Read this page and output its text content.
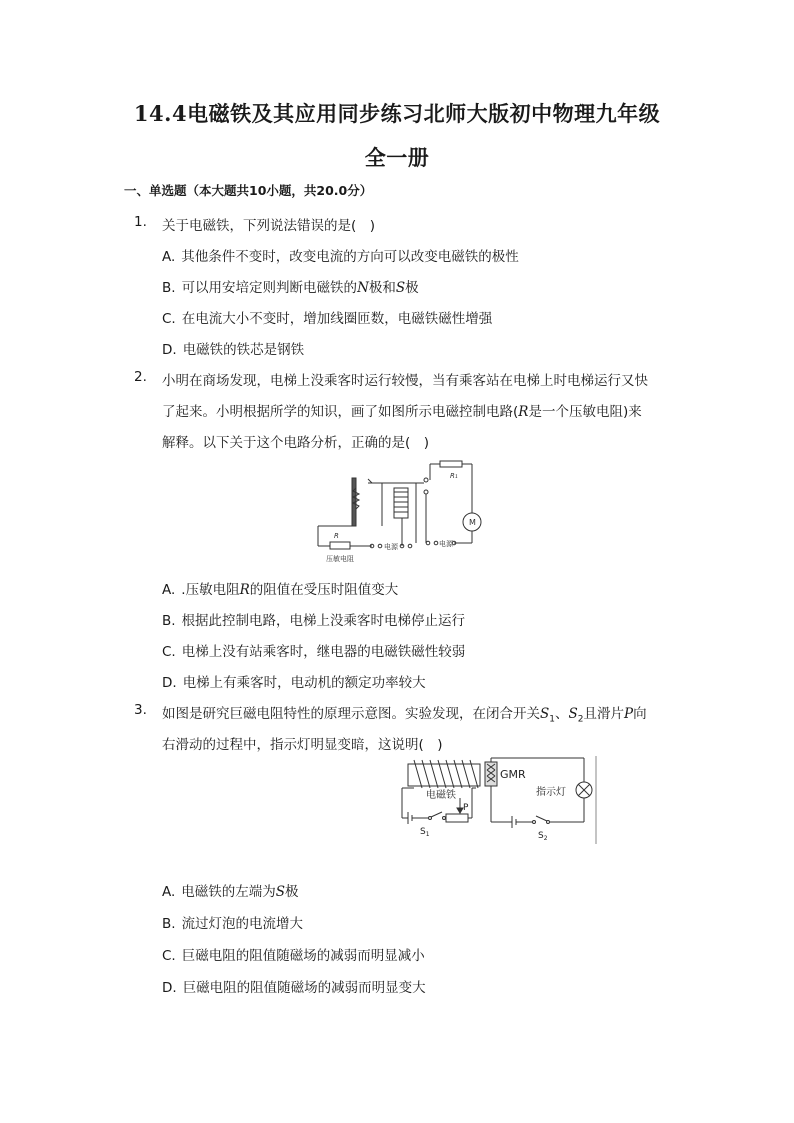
14.4电磁铁及其应用同步练习北师大版初中物理九年级
全一册
一、单选题（本大题共10小题，共20.0分）
1. 关于电磁铁，下列说法错误的是(　)
A. 其他条件不变时，改变电流的方向可以改变电磁铁的极性
B. 可以用安培定则判断电磁铁的N极和S极
C. 在电流大小不变时，增加线圈匝数，电磁铁磁性增强
D. 电磁铁的铁芯是钢铁
2. 小明在商场发现，电梯上没乘客时运行较慢，当有乘客站在电梯上时电梯运行又快
了起来。小明根据所学的知识，画了如图所示电磁控制电路(R是一个压敏电阻)来
解释。以下关于这个电路分析，正确的是(　)
R₁
M
R
电源	电源
压敏电阻
A. .压敏电阻R的阻值在受压时阻值变大
B. 根据此控制电路，电梯上没乘客时电梯停止运行
C. 电梯上没有站乘客时，继电器的电磁铁磁性较弱
D. 电梯上有乘客时，电动机的额定功率较大
3. 如图是研究巨磁电阻特性的原理示意图。实验发现，在闭合开关$S_1$、$S_2$且滑片P向
右滑动的过程中，指示灯明显变暗，这说明(　)
GMR
电磁铁	指示灯
P
$S_1$	$S_2$
A. 电磁铁的左端为S极
B. 流过灯泡的电流增大
C. 巨磁电阻的阻值随磁场的减弱而明显减小
D. 巨磁电阻的阻值随磁场的减弱而明显变大
